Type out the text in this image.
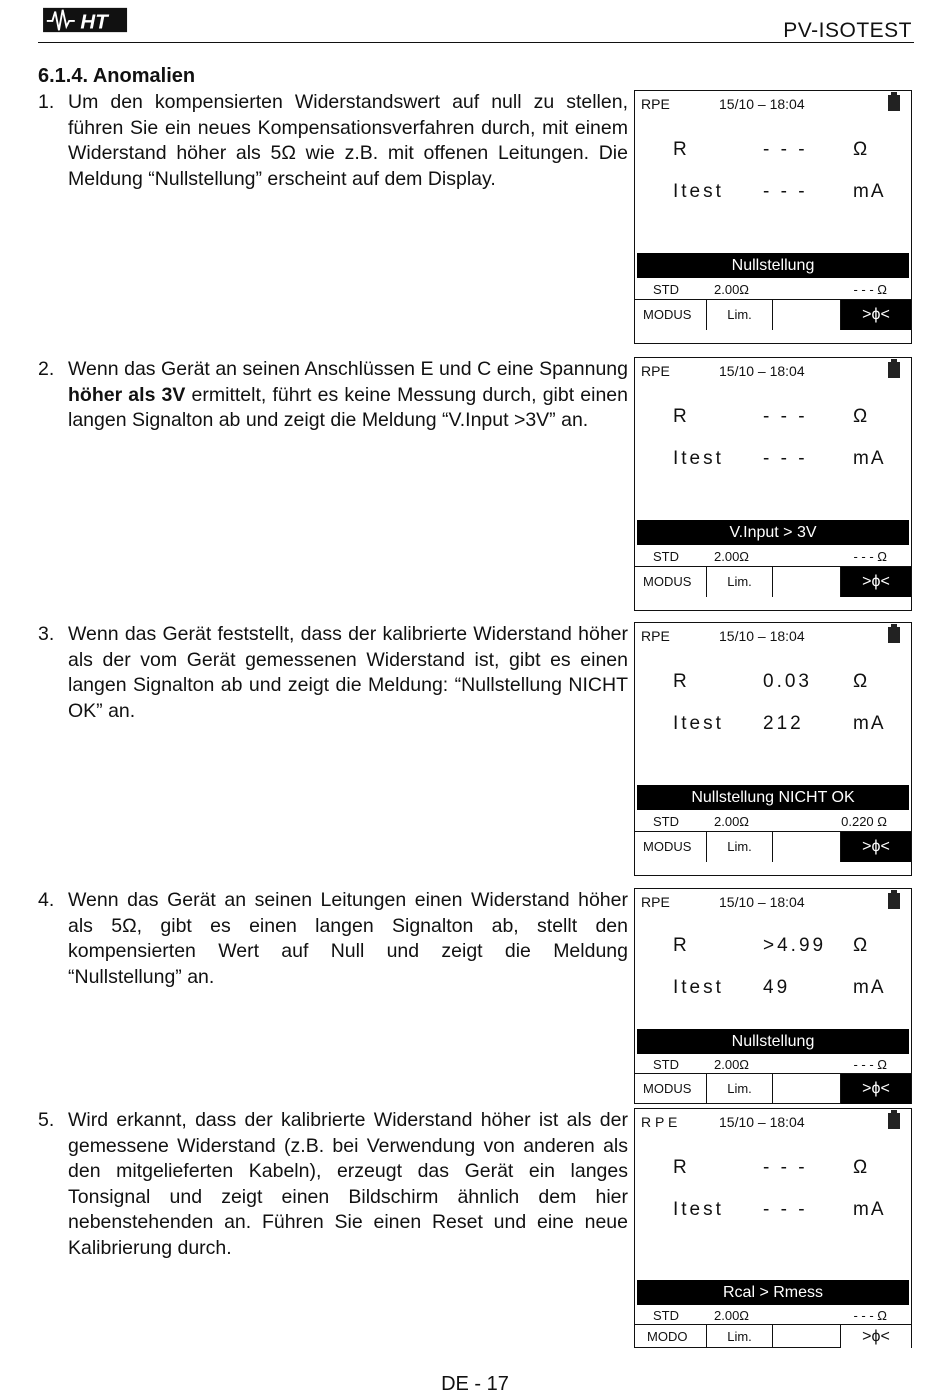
HT	PV-ISOTEST
6.1.4. Anomalien
1. Um den kompensierten Widerstandswert auf null zu stellen, führen Sie ein neues Kompensationsverfahren durch, mit einem Widerstand höher als 5Ω wie z.B. mit offenen Leitungen. Die Meldung “Nullstellung” erscheint auf dem Display.
RPE	15/10 – 18:04
R	- - - Ω
Itest - - - mA
Nullstellung
STD	2.00Ω	- - - Ω
MODUS	Lim.	>ϕ<
2. Wenn das Gerät an seinen Anschlüssen E und C eine Spannung höher als 3V ermittelt, führt es keine Messung durch, gibt einen langen Signalton ab und zeigt die Meldung “V.Input >3V” an.
RPE	15/10 – 18:04
R	- - - Ω
Itest - - - mA
V.Input > 3V
STD	2.00Ω	- - - Ω
MODUS	Lim.	>ϕ<
3. Wenn das Gerät feststellt, dass der kalibrierte Widerstand höher als der vom Gerät gemessenen Widerstand ist, gibt es einen langen Signalton ab und zeigt die Meldung: “Nullstellung NICHT OK” an.
RPE	15/10 – 18:04
R	0.03 Ω
Itest 212	mA
Nullstellung NICHT OK
STD	2.00Ω	0.220 Ω
MODUS	Lim.	>ϕ<
4. Wenn das Gerät an seinen Leitungen einen Widerstand höher als 5Ω, gibt es einen langen Signalton ab, stellt den kompensierten Wert auf Null und zeigt die Meldung “Nullstellung” an.
RPE	15/10 – 18:04
R	>4.99 Ω
Itest 49	mA
Nullstellung
STD	2.00Ω	- - - Ω
MODUS	Lim.	>ϕ<
5. Wird erkannt, dass der kalibrierte Widerstand höher ist als der gemessene Widerstand (z.B. bei Verwendung von anderen als den mitgelieferten Kabeln), erzeugt das Gerät ein langes Tonsignal und zeigt einen Bildschirm ähnlich dem hier nebenstehenden an. Führen Sie einen Reset und eine neue Kalibrierung durch.
R P E	15/10 – 18:04
R	- - - Ω
Itest - - - mA
Rcal > Rmess
STD	2.00Ω	- - - Ω
MODO	Lim.	>ϕ<
DE - 17
